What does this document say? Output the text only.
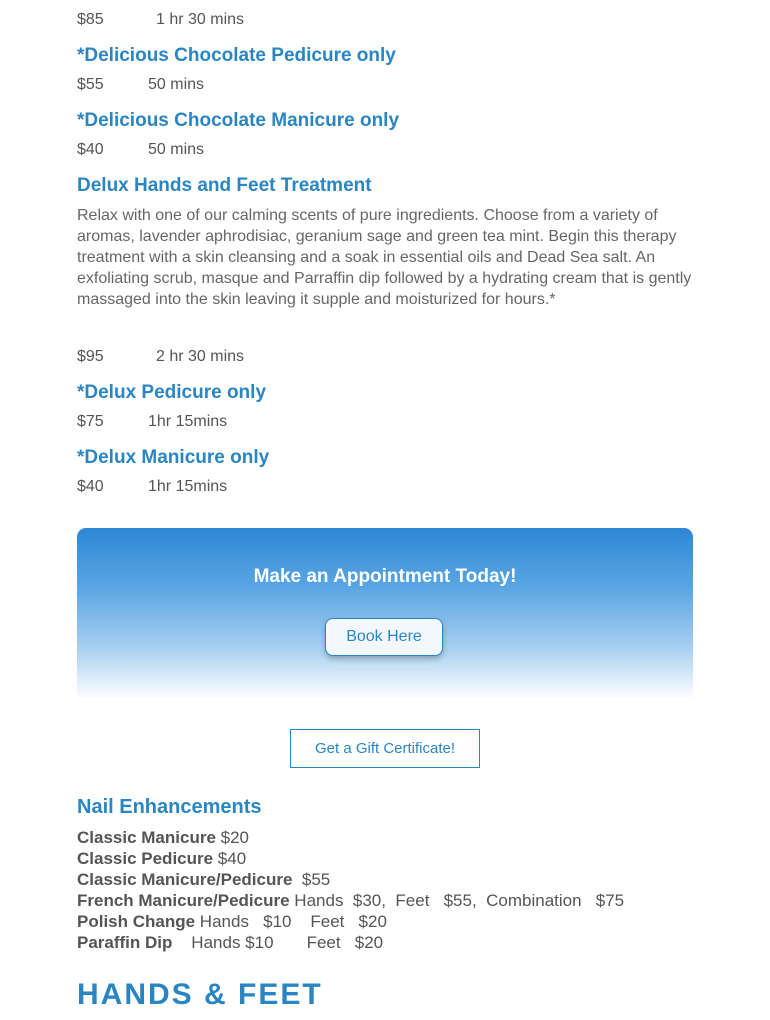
$85	1 hr 30 mins
*Delicious Chocolate Pedicure only
$55	50 mins
*Delicious Chocolate Manicure only
$40	50 mins
Delux Hands and Feet Treatment
Relax with one of our calming scents of pure ingredients. Choose from a variety of aromas, lavender aphrodisiac, geranium sage and green tea mint. Begin this therapy treatment with a skin cleansing and a soak in essential oils and Dead Sea salt. An exfoliating scrub, masque and Parraffin dip followed by a hydrating cream that is gently massaged into the skin leaving it supple and moisturized for hours.*
$95	2 hr 30 mins
*Delux Pedicure only
$75	1hr 15mins
*Delux Manicure only
$40	1hr 15mins
Make an Appointment Today!
Book Here
Get a Gift Certificate!
Nail Enhancements
Classic Manicure $20
Classic Pedicure $40
Classic Manicure/Pedicure  $55
French Manicure/Pedicure Hands  $30,  Feet   $55,  Combination   $75
Polish Change Hands   $10    Feet   $20
Paraffin Dip    Hands $10       Feet   $20
HANDS & FEET
